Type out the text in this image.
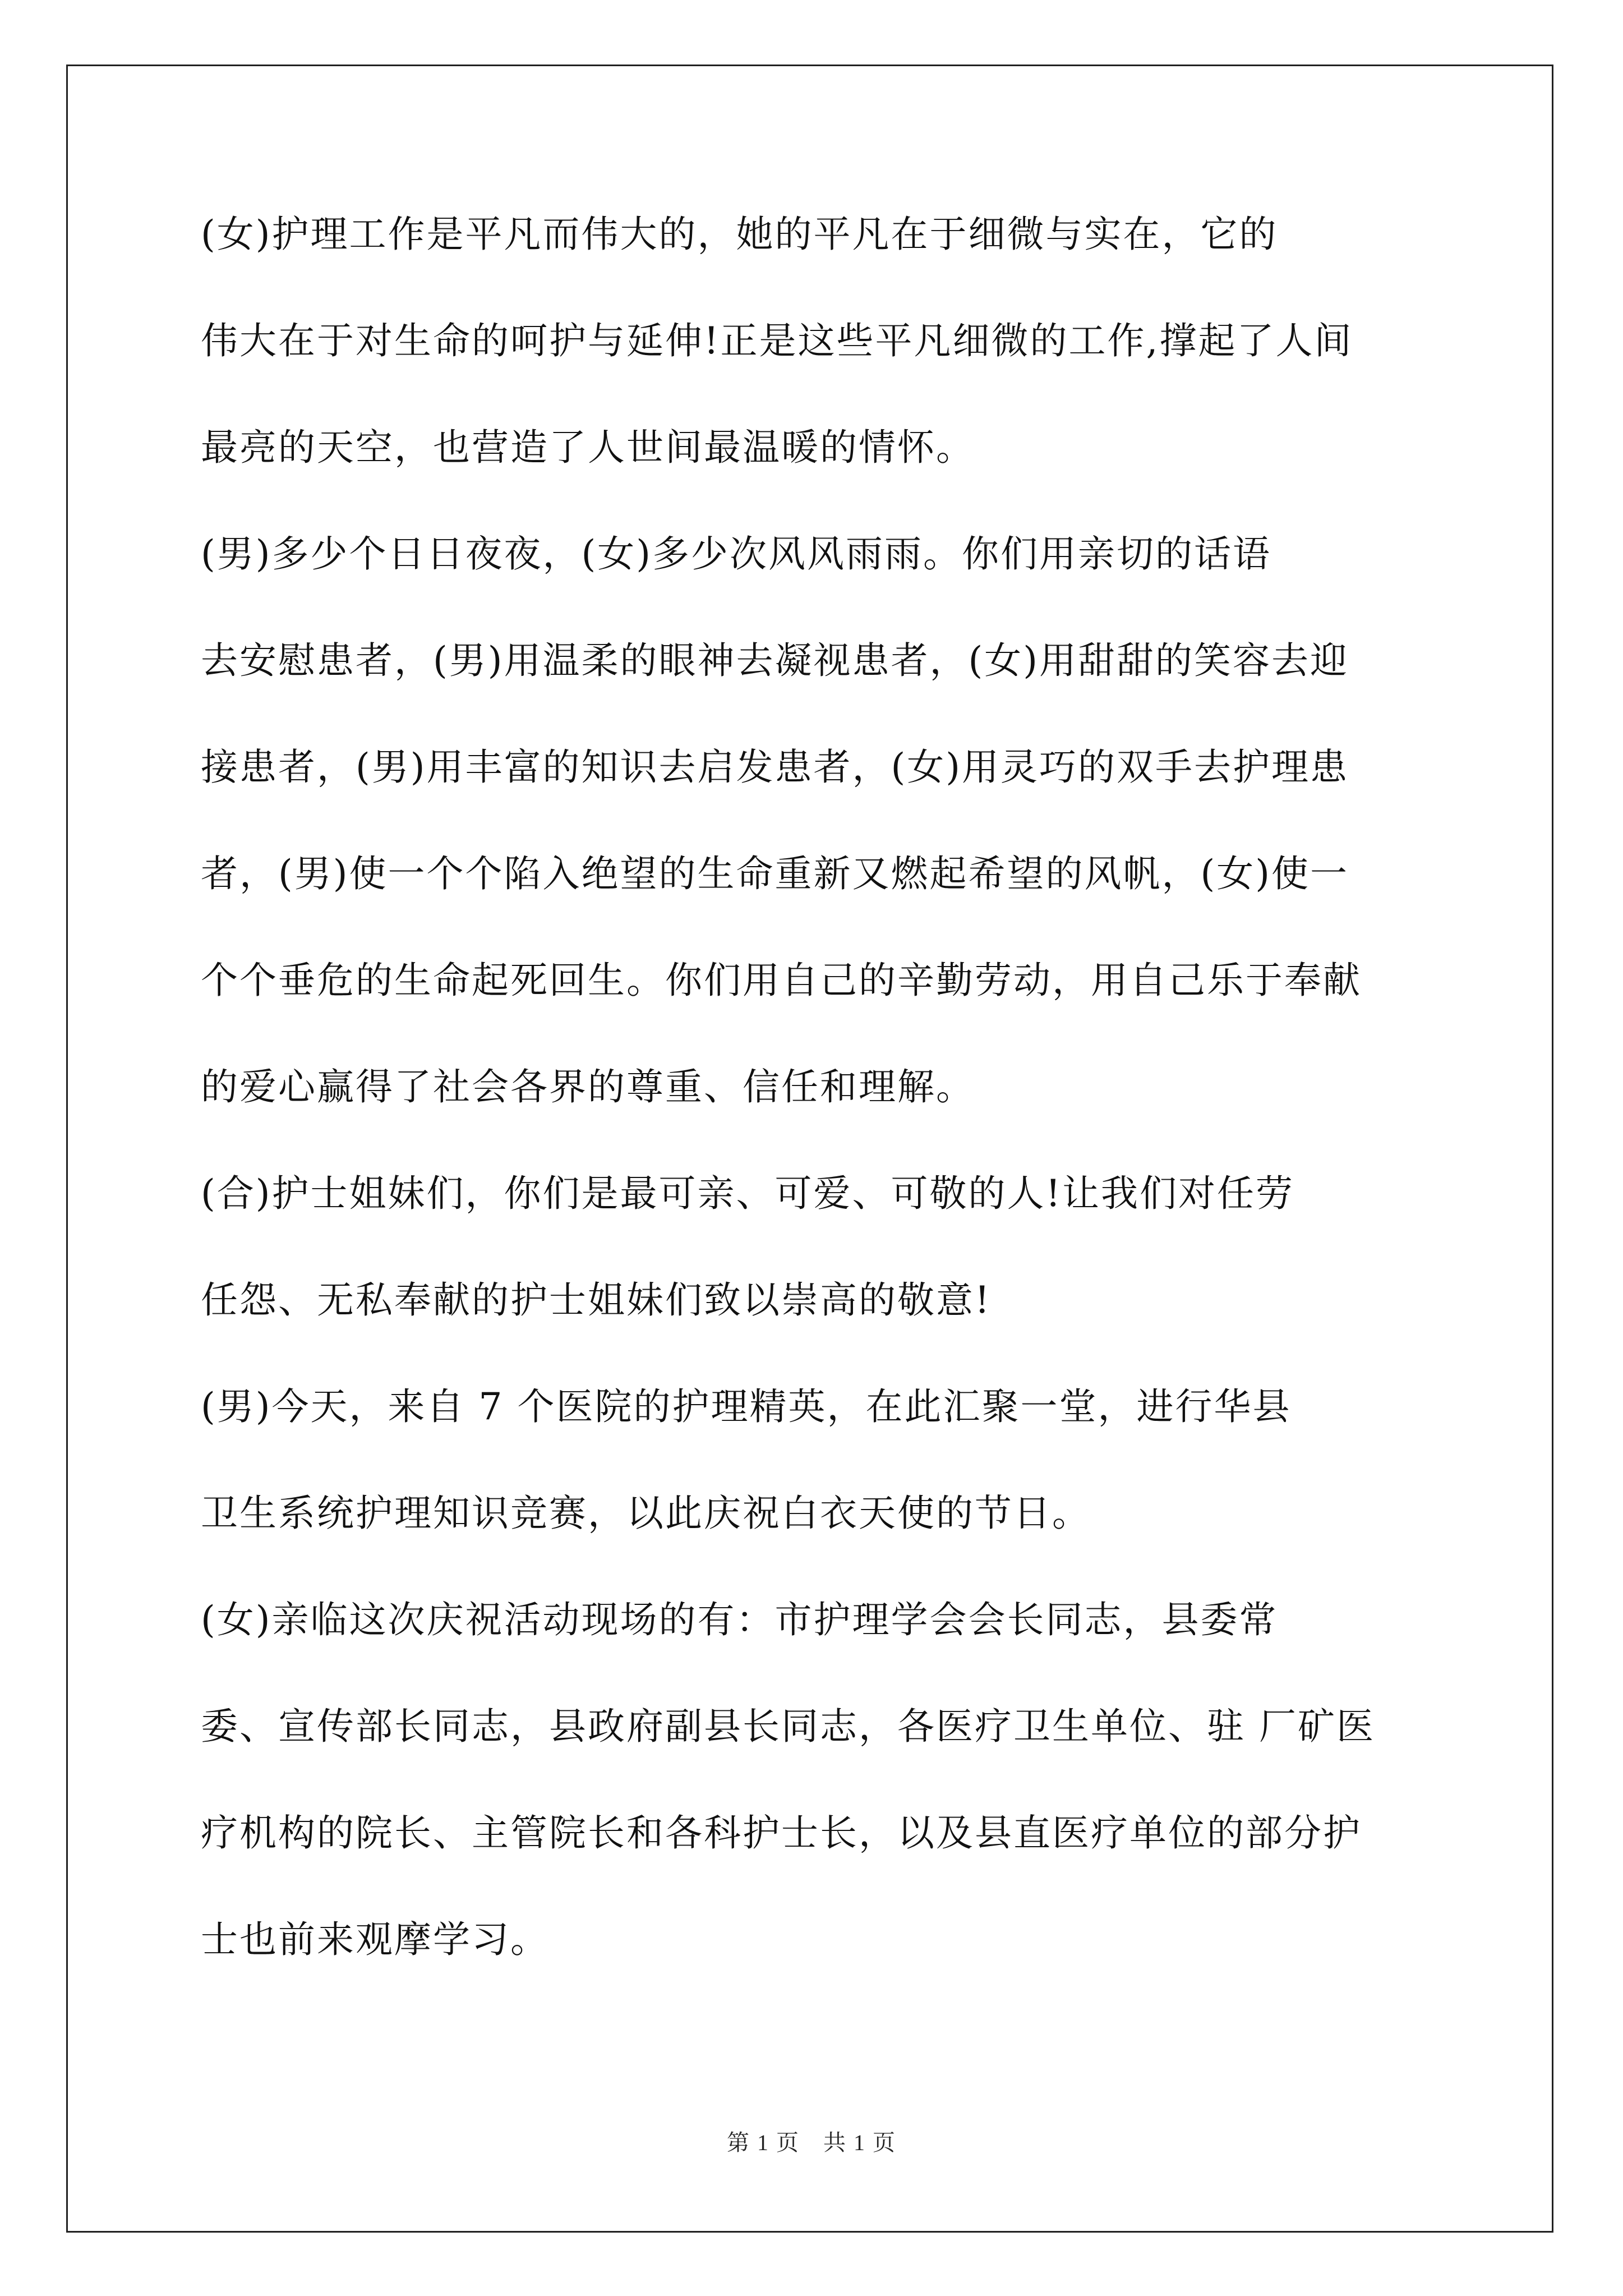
(女)护理工作是平凡而伟大的，她的平凡在于细微与实在，它的
伟大在于对生命的呵护与延伸!正是这些平凡细微的工作,撑起了人间
最亮的天空，也营造了人世间最温暖的情怀。

(男)多少个日日夜夜，(女)多少次风风雨雨。你们用亲切的话语
去安慰患者，(男)用温柔的眼神去凝视患者，(女)用甜甜的笑容去迎
接患者，(男)用丰富的知识去启发患者，(女)用灵巧的双手去护理患
者，(男)使一个个陷入绝望的生命重新又燃起希望的风帆，(女)使一
个个垂危的生命起死回生。你们用自己的辛勤劳动，用自己乐于奉献
的爱心赢得了社会各界的尊重、信任和理解。

(合)护士姐妹们，你们是最可亲、可爱、可敬的人!让我们对任劳
任怨、无私奉献的护士姐妹们致以崇高的敬意!

(男)今天，来自 7 个医院的护理精英，在此汇聚一堂，进行华县
卫生系统护理知识竞赛，以此庆祝白衣天使的节日。

(女)亲临这次庆祝活动现场的有：市护理学会会长同志，县委常
委、宣传部长同志，县政府副县长同志，各医疗卫生单位、驻 厂矿医
疗机构的院长、主管院长和各科护士长，以及县直医疗单位的部分护
士也前来观摩学习。

第 1 页　共 1 页
